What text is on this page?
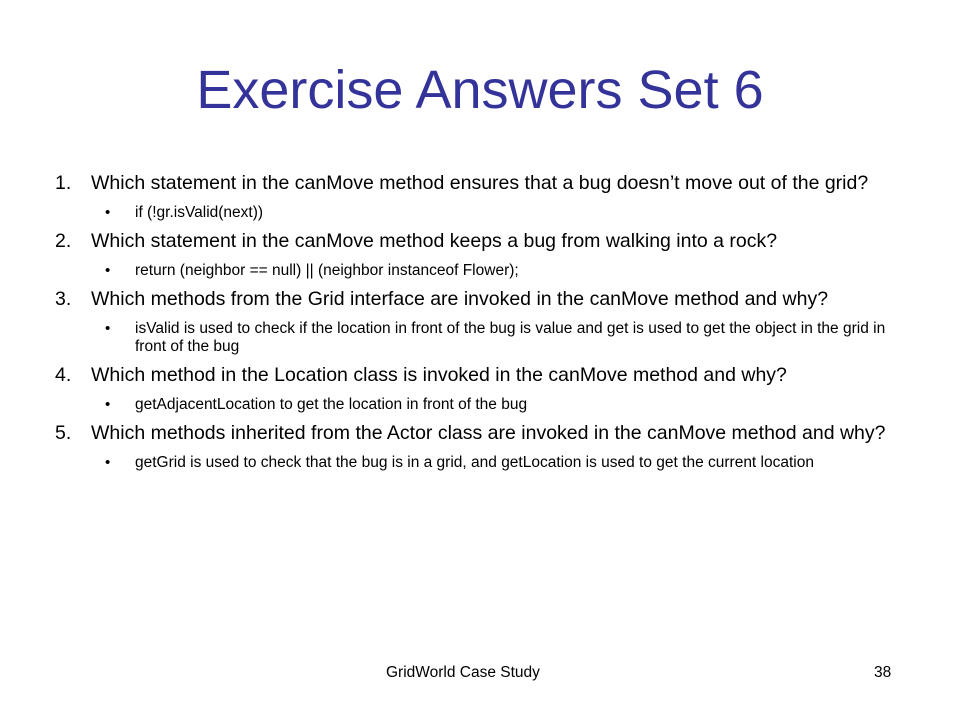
Exercise Answers Set 6
1.	Which statement in the canMove method ensures that a bug doesn’t move out of the grid?
•	if (!gr.isValid(next))
2.	Which statement in the canMove method keeps a bug from walking into a rock?
•	return (neighbor == null) || (neighbor instanceof Flower);
3.	Which methods from the Grid interface are invoked in the canMove method and why?
•	isValid is used to check if the location in front of the bug is value and get is used to get the object in the grid in front of the bug
4.	Which method in the Location class is invoked in the canMove method and why?
•	getAdjacentLocation to get the location in front of the bug
5.	Which methods inherited from the Actor class are invoked in the canMove method and why?
•	getGrid is used to check that the bug is in a grid, and getLocation is used to get the current location
GridWorld Case Study	38
